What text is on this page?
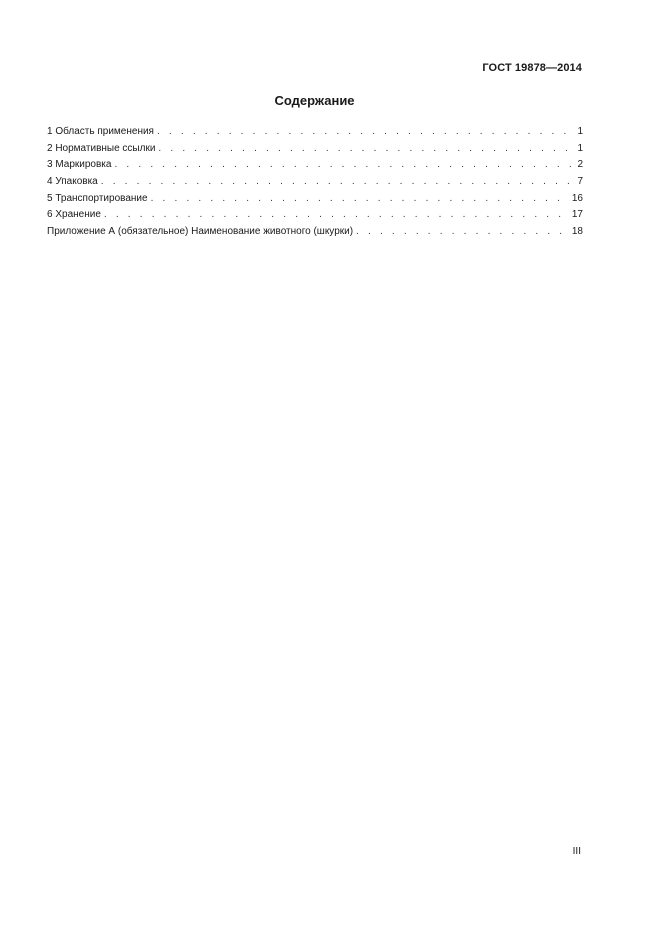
ГОСТ 19878—2014
Содержание
1 Область применения . . .	1
2 Нормативные ссылки . . .	1
3 Маркировка . . .	2
4 Упаковка . . .	7
5 Транспортирование . . .	16
6 Хранение . . .	17
Приложение А (обязательное) Наименование животного (шкурки) . . .	18
III
